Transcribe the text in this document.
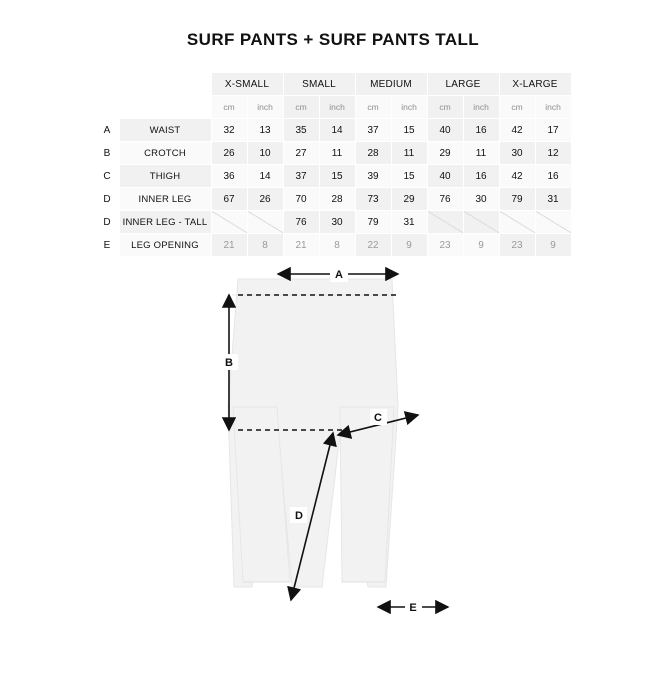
SURF PANTS + SURF PANTS TALL
		X-SMALL		SMALL		MEDIUM		LARGE		X-LARGE	
		cm	inch	cm	inch	cm	inch	cm	inch	cm	inch
A	WAIST	32	13	35	14	37	15	40	16	42	17
B	CROTCH	26	10	27	11	28	11	29	11	30	12
C	THIGH	36	14	37	15	39	15	40	16	42	16
D	INNER LEG	67	26	70	28	73	29	76	30	79	31
D	INNER LEG - TALL			76	30	79	31				
E	LEG OPENING	21	8	21	8	22	9	23	9	23	9
A
B
C
D
E
